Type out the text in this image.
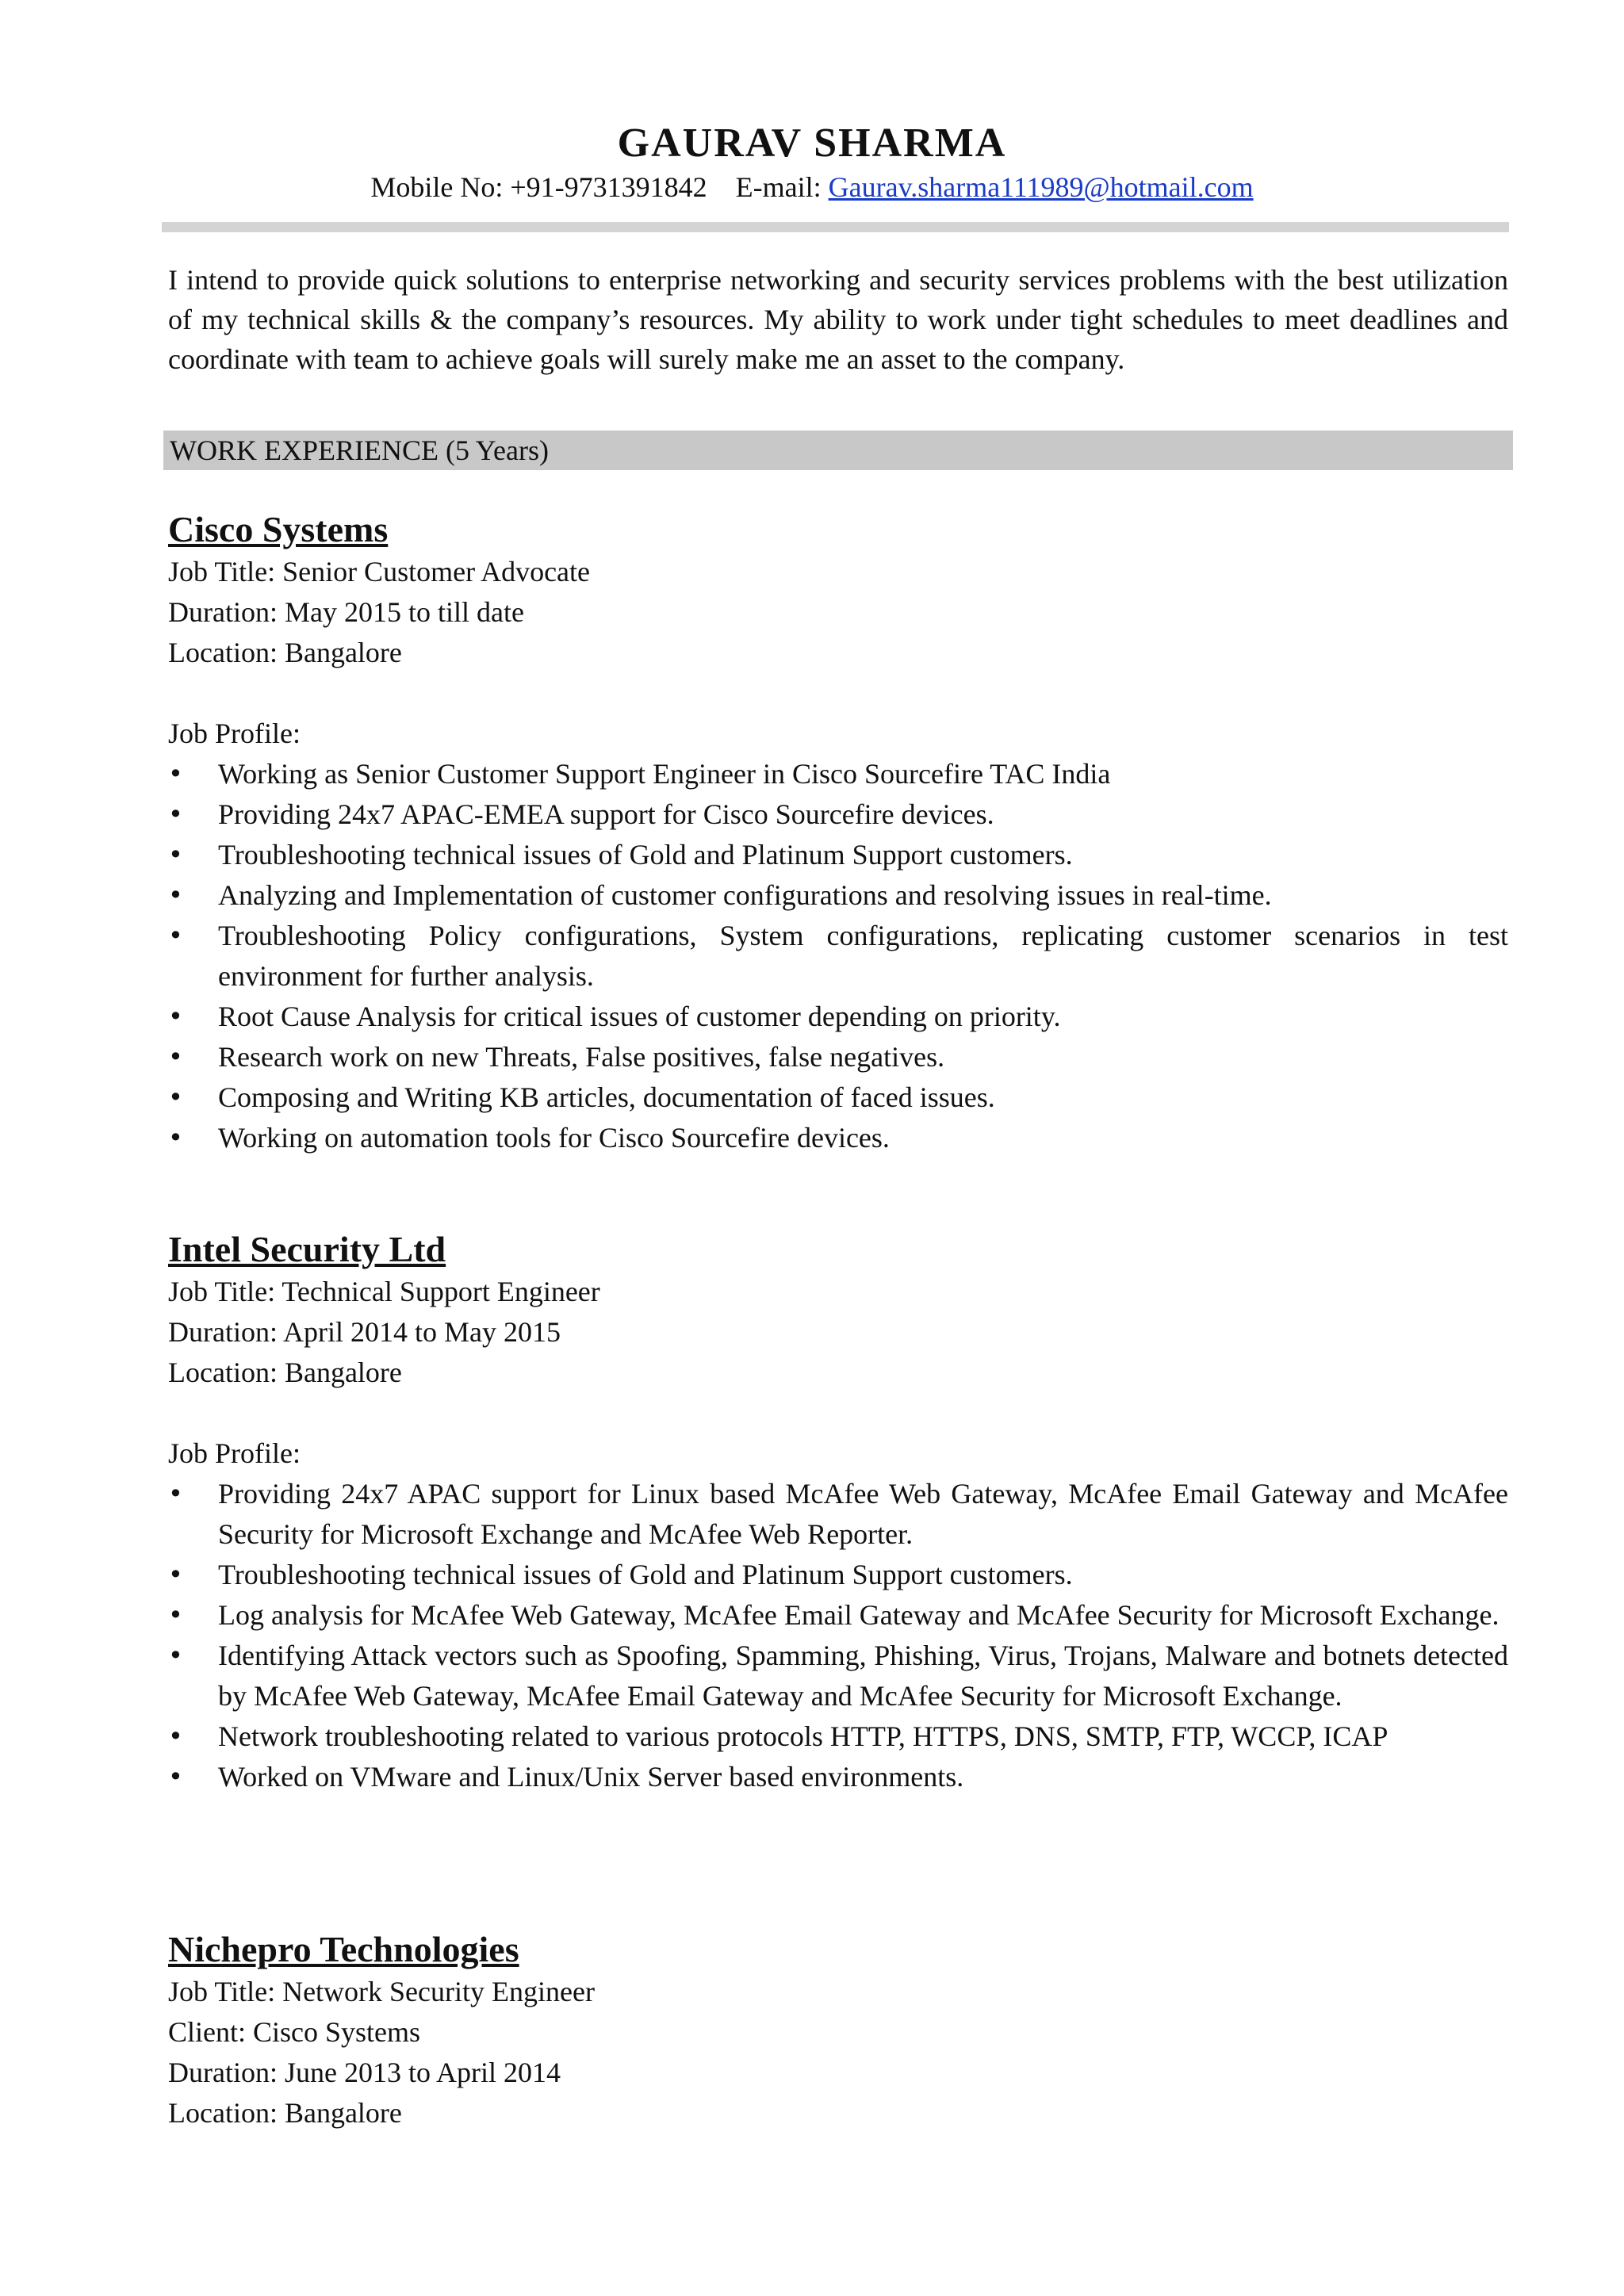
GAURAV SHARMA
Mobile No: +91-9731391842 E-mail: Gaurav.sharma111989@hotmail.com
I intend to provide quick solutions to enterprise networking and security services problems with the best utilization of my technical skills & the company’s resources. My ability to work under tight schedules to meet deadlines and coordinate with team to achieve goals will surely make me an asset to the company.
WORK EXPERIENCE (5 Years)
Cisco Systems
Job Title: Senior Customer Advocate
Duration: May 2015 to till date
Location: Bangalore
Job Profile:
• Working as Senior Customer Support Engineer in Cisco Sourcefire TAC India
• Providing 24x7 APAC-EMEA support for Cisco Sourcefire devices.
• Troubleshooting technical issues of Gold and Platinum Support customers.
• Analyzing and Implementation of customer configurations and resolving issues in real-time.
• Troubleshooting Policy configurations, System configurations, replicating customer scenarios in test environment for further analysis.
• Root Cause Analysis for critical issues of customer depending on priority.
• Research work on new Threats, False positives, false negatives.
• Composing and Writing KB articles, documentation of faced issues.
• Working on automation tools for Cisco Sourcefire devices.
Intel Security Ltd
Job Title: Technical Support Engineer
Duration: April 2014 to May 2015
Location: Bangalore
Job Profile:
• Providing 24x7 APAC support for Linux based McAfee Web Gateway, McAfee Email Gateway and McAfee Security for Microsoft Exchange and McAfee Web Reporter.
• Troubleshooting technical issues of Gold and Platinum Support customers.
• Log analysis for McAfee Web Gateway, McAfee Email Gateway and McAfee Security for Microsoft Exchange.
• Identifying Attack vectors such as Spoofing, Spamming, Phishing, Virus, Trojans, Malware and botnets detected by McAfee Web Gateway, McAfee Email Gateway and McAfee Security for Microsoft Exchange.
• Network troubleshooting related to various protocols HTTP, HTTPS, DNS, SMTP, FTP, WCCP, ICAP
• Worked on VMware and Linux/Unix Server based environments.
Nichepro Technologies
Job Title: Network Security Engineer
Client: Cisco Systems
Duration: June 2013 to April 2014
Location: Bangalore
